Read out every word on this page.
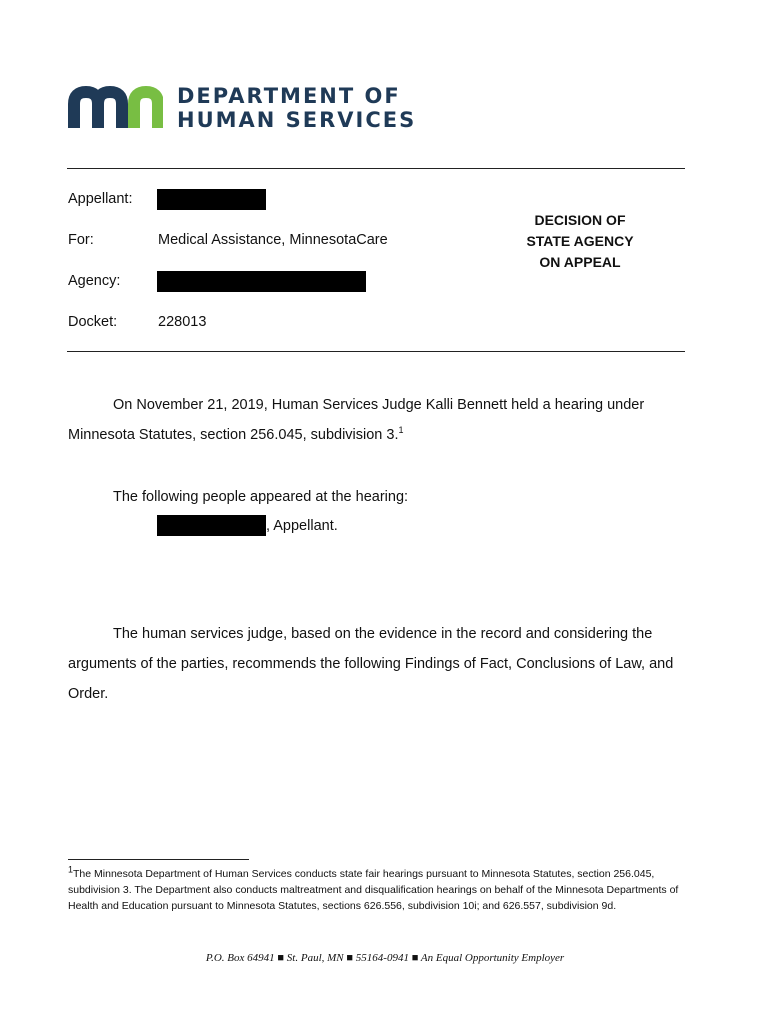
DEPARTMENT OF
HUMAN SERVICES
Appellant:
For:	Medical Assistance, MinnesotaCare
Agency:
Docket:	228013
DECISION OF
STATE AGENCY
ON APPEAL
On November 21, 2019, Human Services Judge Kalli Bennett held a hearing under
Minnesota Statutes, section 256.045, subdivision 3.$^1$
The following people appeared at the hearing:
, Appellant.
The human services judge, based on the evidence in the record and considering the
arguments of the parties, recommends the following Findings of Fact, Conclusions of Law, and
Order.
$^1$The Minnesota Department of Human Services conducts state fair hearings pursuant to Minnesota Statutes, section 256.045, subdivision 3. The Department also conducts maltreatment and disqualification hearings on behalf of the Minnesota Departments of Health and Education pursuant to Minnesota Statutes, sections 626.556, subdivision 10i; and 626.557, subdivision 9d.
P.O. Box 64941 ■ St. Paul, MN ■ 55164-0941 ■ An Equal Opportunity Employer
